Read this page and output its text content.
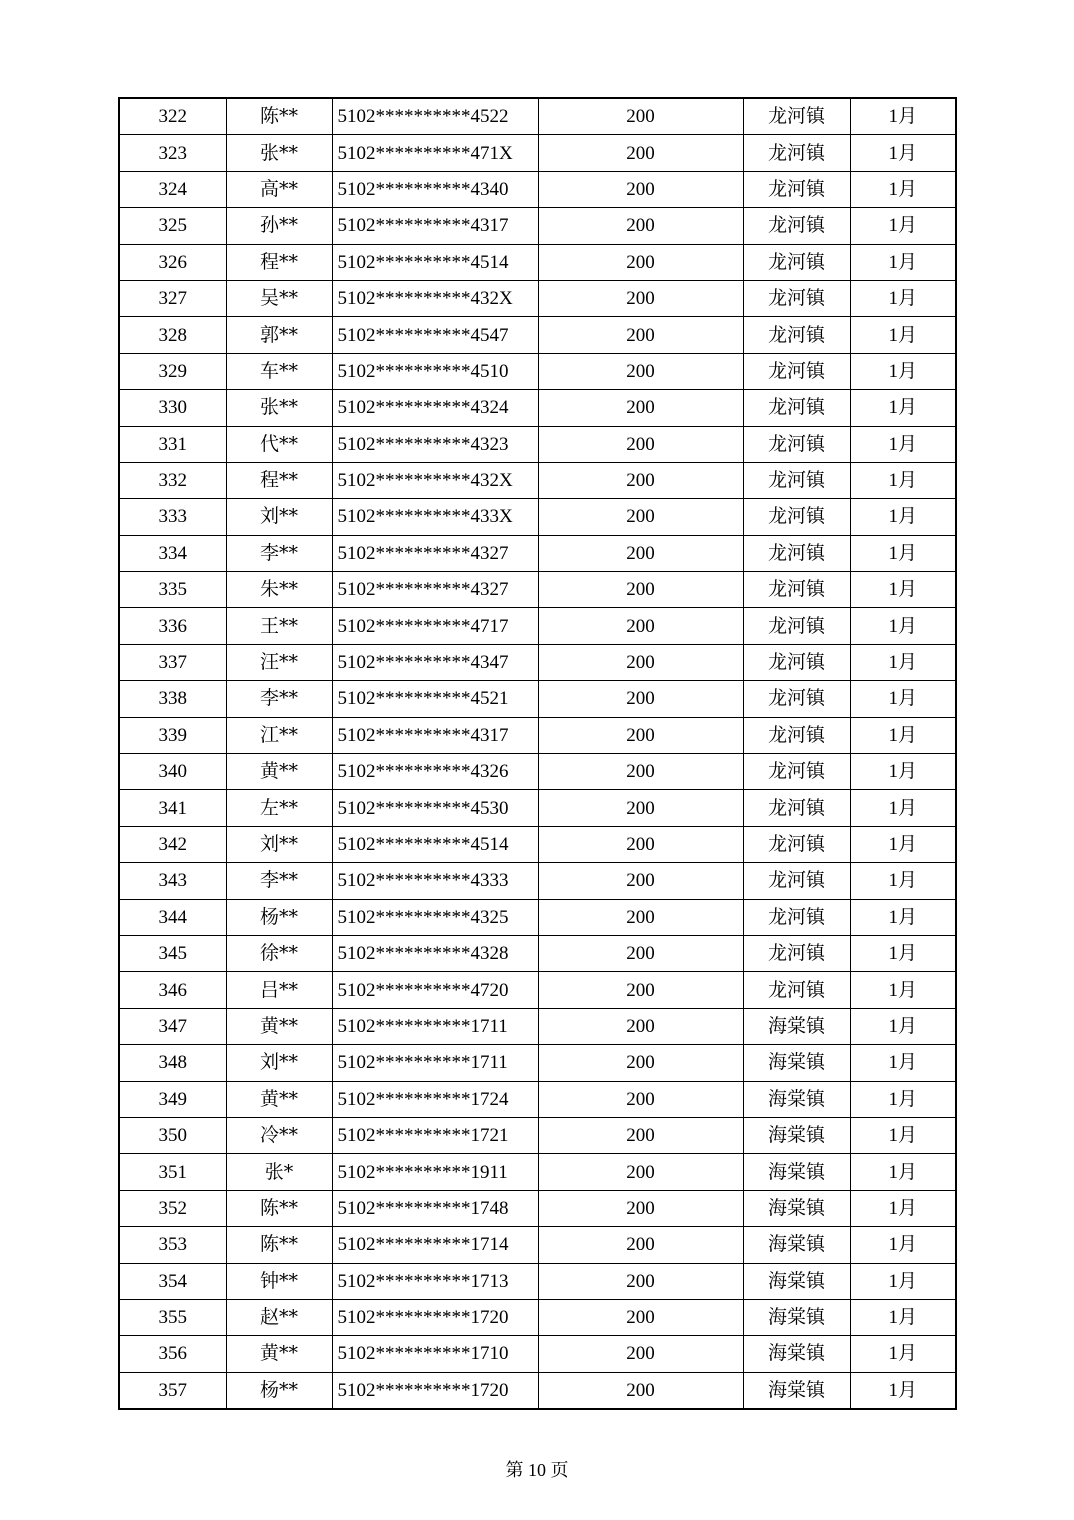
322	陈**	5102**********4522	200	龙河镇	1月
323	张**	5102**********471X	200	龙河镇	1月
324	高**	5102**********4340	200	龙河镇	1月
325	孙**	5102**********4317	200	龙河镇	1月
326	程**	5102**********4514	200	龙河镇	1月
327	吴**	5102**********432X	200	龙河镇	1月
328	郭**	5102**********4547	200	龙河镇	1月
329	车**	5102**********4510	200	龙河镇	1月
330	张**	5102**********4324	200	龙河镇	1月
331	代**	5102**********4323	200	龙河镇	1月
332	程**	5102**********432X	200	龙河镇	1月
333	刘**	5102**********433X	200	龙河镇	1月
334	李**	5102**********4327	200	龙河镇	1月
335	朱**	5102**********4327	200	龙河镇	1月
336	王**	5102**********4717	200	龙河镇	1月
337	汪**	5102**********4347	200	龙河镇	1月
338	李**	5102**********4521	200	龙河镇	1月
339	江**	5102**********4317	200	龙河镇	1月
340	黄**	5102**********4326	200	龙河镇	1月
341	左**	5102**********4530	200	龙河镇	1月
342	刘**	5102**********4514	200	龙河镇	1月
343	李**	5102**********4333	200	龙河镇	1月
344	杨**	5102**********4325	200	龙河镇	1月
345	徐**	5102**********4328	200	龙河镇	1月
346	吕**	5102**********4720	200	龙河镇	1月
347	黄**	5102**********1711	200	海棠镇	1月
348	刘**	5102**********1711	200	海棠镇	1月
349	黄**	5102**********1724	200	海棠镇	1月
350	冷**	5102**********1721	200	海棠镇	1月
351	张*	5102**********1911	200	海棠镇	1月
352	陈**	5102**********1748	200	海棠镇	1月
353	陈**	5102**********1714	200	海棠镇	1月
354	钟**	5102**********1713	200	海棠镇	1月
355	赵**	5102**********1720	200	海棠镇	1月
356	黄**	5102**********1710	200	海棠镇	1月
357	杨**	5102**********1720	200	海棠镇	1月
第 10 页
